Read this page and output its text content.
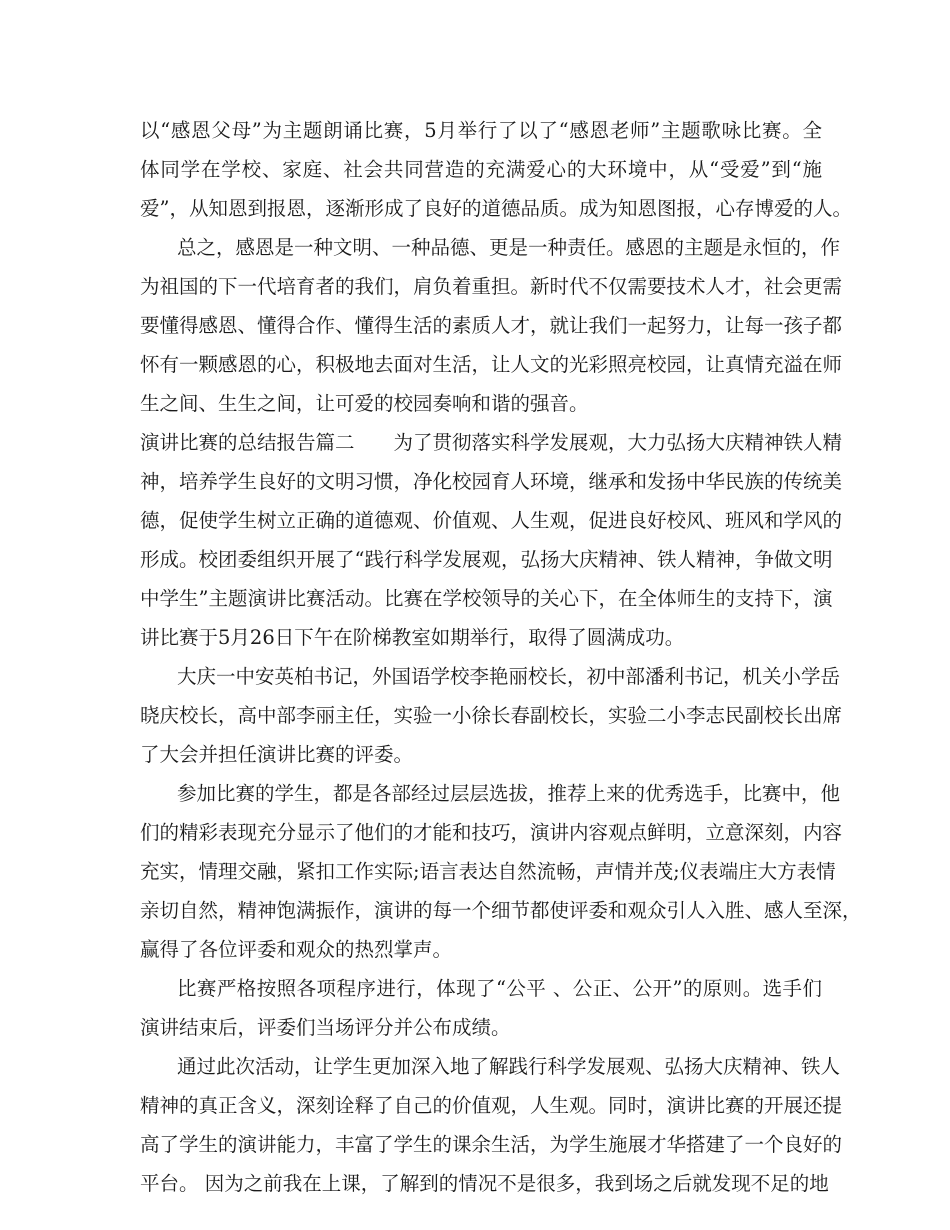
以“感恩父母”为主题朗诵比赛，5月举行了以了“感恩老师”主题歌咏比赛。全
体同学在学校、家庭、社会共同营造的充满爱心的大环境中，从“受爱”到“施
爱”，从知恩到报恩，逐渐形成了良好的道德品质。成为知恩图报，心存博爱的人。
总之，感恩是一种文明、一种品德、更是一种责任。感恩的主题是永恒的，作
为祖国的下一代培育者的我们，肩负着重担。新时代不仅需要技术人才，社会更需
要懂得感恩、懂得合作、懂得生活的素质人才，就让我们一起努力，让每一孩子都
怀有一颗感恩的心，积极地去面对生活，让人文的光彩照亮校园，让真情充溢在师
生之间、生生之间，让可爱的校园奏响和谐的强音。
演讲比赛的总结报告篇二　　为了贯彻落实科学发展观，大力弘扬大庆精神铁人精
神，培养学生良好的文明习惯，净化校园育人环境，继承和发扬中华民族的传统美
德，促使学生树立正确的道德观、价值观、人生观，促进良好校风、班风和学风的
形成。校团委组织开展了“践行科学发展观，弘扬大庆精神、铁人精神，争做文明
中学生”主题演讲比赛活动。比赛在学校领导的关心下，在全体师生的支持下，演
讲比赛于5月26日下午在阶梯教室如期举行，取得了圆满成功。
大庆一中安英柏书记，外国语学校李艳丽校长，初中部潘利书记，机关小学岳
晓庆校长，高中部李丽主任，实验一小徐长春副校长，实验二小李志民副校长出席
了大会并担任演讲比赛的评委。
参加比赛的学生，都是各部经过层层选拔，推荐上来的优秀选手，比赛中，他
们的精彩表现充分显示了他们的才能和技巧，演讲内容观点鲜明，立意深刻，内容
充实，情理交融，紧扣工作实际;语言表达自然流畅，声情并茂;仪表端庄大方表情
亲切自然，精神饱满振作，演讲的每一个细节都使评委和观众引人入胜、感人至深，
赢得了各位评委和观众的热烈掌声。
比赛严格按照各项程序进行，体现了“公平 、公正、公开”的原则。选手们
演讲结束后，评委们当场评分并公布成绩。
通过此次活动，让学生更加深入地了解践行科学发展观、弘扬大庆精神、铁人
精神的真正含义，深刻诠释了自己的价值观，人生观。同时，演讲比赛的开展还提
高了学生的演讲能力，丰富了学生的课余生活，为学生施展才华搭建了一个良好的
平台。 因为之前我在上课，了解到的情况不是很多，我到场之后就发现不足的地
